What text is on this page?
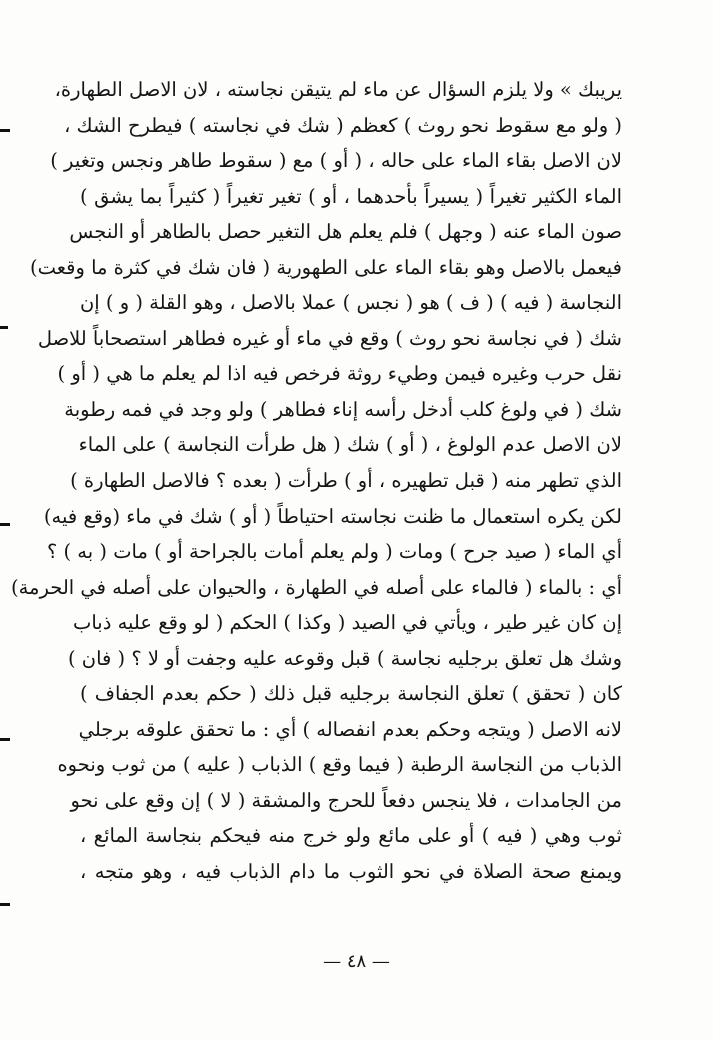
يريبك » ولا يلزم السؤال عن ماء لم يتيقن نجاسته ، لان الاصل الطهارة،
( ولو مع سقوط نحو روث ) كعظم ( شك في نجاسته ) فيطرح الشك ،
لان الاصل بقاء الماء على حاله ، ( أو ) مع ( سقوط طاهر ونجس وتغير )
الماء الكثير تغيراً ( يسيراً بأحدهما ، أو ) تغير تغيراً ( كثيراً بما يشق )
صون الماء عنه ( وجهل ) فلم يعلم هل التغير حصل بالطاهر أو النجس
فيعمل بالاصل وهو بقاء الماء على الطهورية ( فان شك في كثرة ما وقعت)
النجاسة ( فيه ) ( ف ) هو ( نجس ) عملا بالاصل ، وهو القلة ( و ) إن
شك ( في نجاسة نحو روث ) وقع في ماء أو غيره فطاهر استصحاباً للاصل
نقل حرب وغيره فيمن وطيء روثة فرخص فيه اذا لم يعلم ما هي ( أو )
شك ( في ولوغ كلب أدخل رأسه إناء فطاهر ) ولو وجد في فمه رطوبة
لان الاصل عدم الولوغ ، ( أو ) شك ( هل طرأت النجاسة ) على الماء
الذي تطهر منه ( قبل تطهيره ، أو ) طرأت ( بعده ؟ فالاصل الطهارة )
لكن يكره استعمال ما ظنت نجاسته احتياطاً ( أو ) شك في ماء (وقع فيه)
أي الماء ( صيد جرح ) ومات ( ولم يعلم أمات بالجراحة أو ) مات ( به ) ؟
أي : بالماء ( فالماء على أصله في الطهارة ، والحيوان على أصله في الحرمة)
إن كان غير طير ، ويأتي في الصيد ( وكذا ) الحكم ( لو وقع عليه ذباب
وشك هل تعلق برجليه نجاسة ) قبل وقوعه عليه وجفت أو لا ؟ ( فان )
كان ( تحقق ) تعلق النجاسة برجليه قبل ذلك ( حكم بعدم الجفاف )
لانه الاصل ( ويتجه وحكم بعدم انفصاله ) أي : ما تحقق علوقه برجلي
الذباب من النجاسة الرطبة ( فيما وقع ) الذباب ( عليه ) من ثوب ونحوه
من الجامدات ، فلا ينجس دفعاً للحرج والمشقة ( لا ) إن وقع على نحو
ثوب وهي ( فيه ) أو على مائع ولو خرج منه فيحكم بنجاسة المائع ،
ويمنع صحة الصلاة في نحو الثوب ما دام الذباب فيه ، وهو متجه ،
— ٤٨ —
